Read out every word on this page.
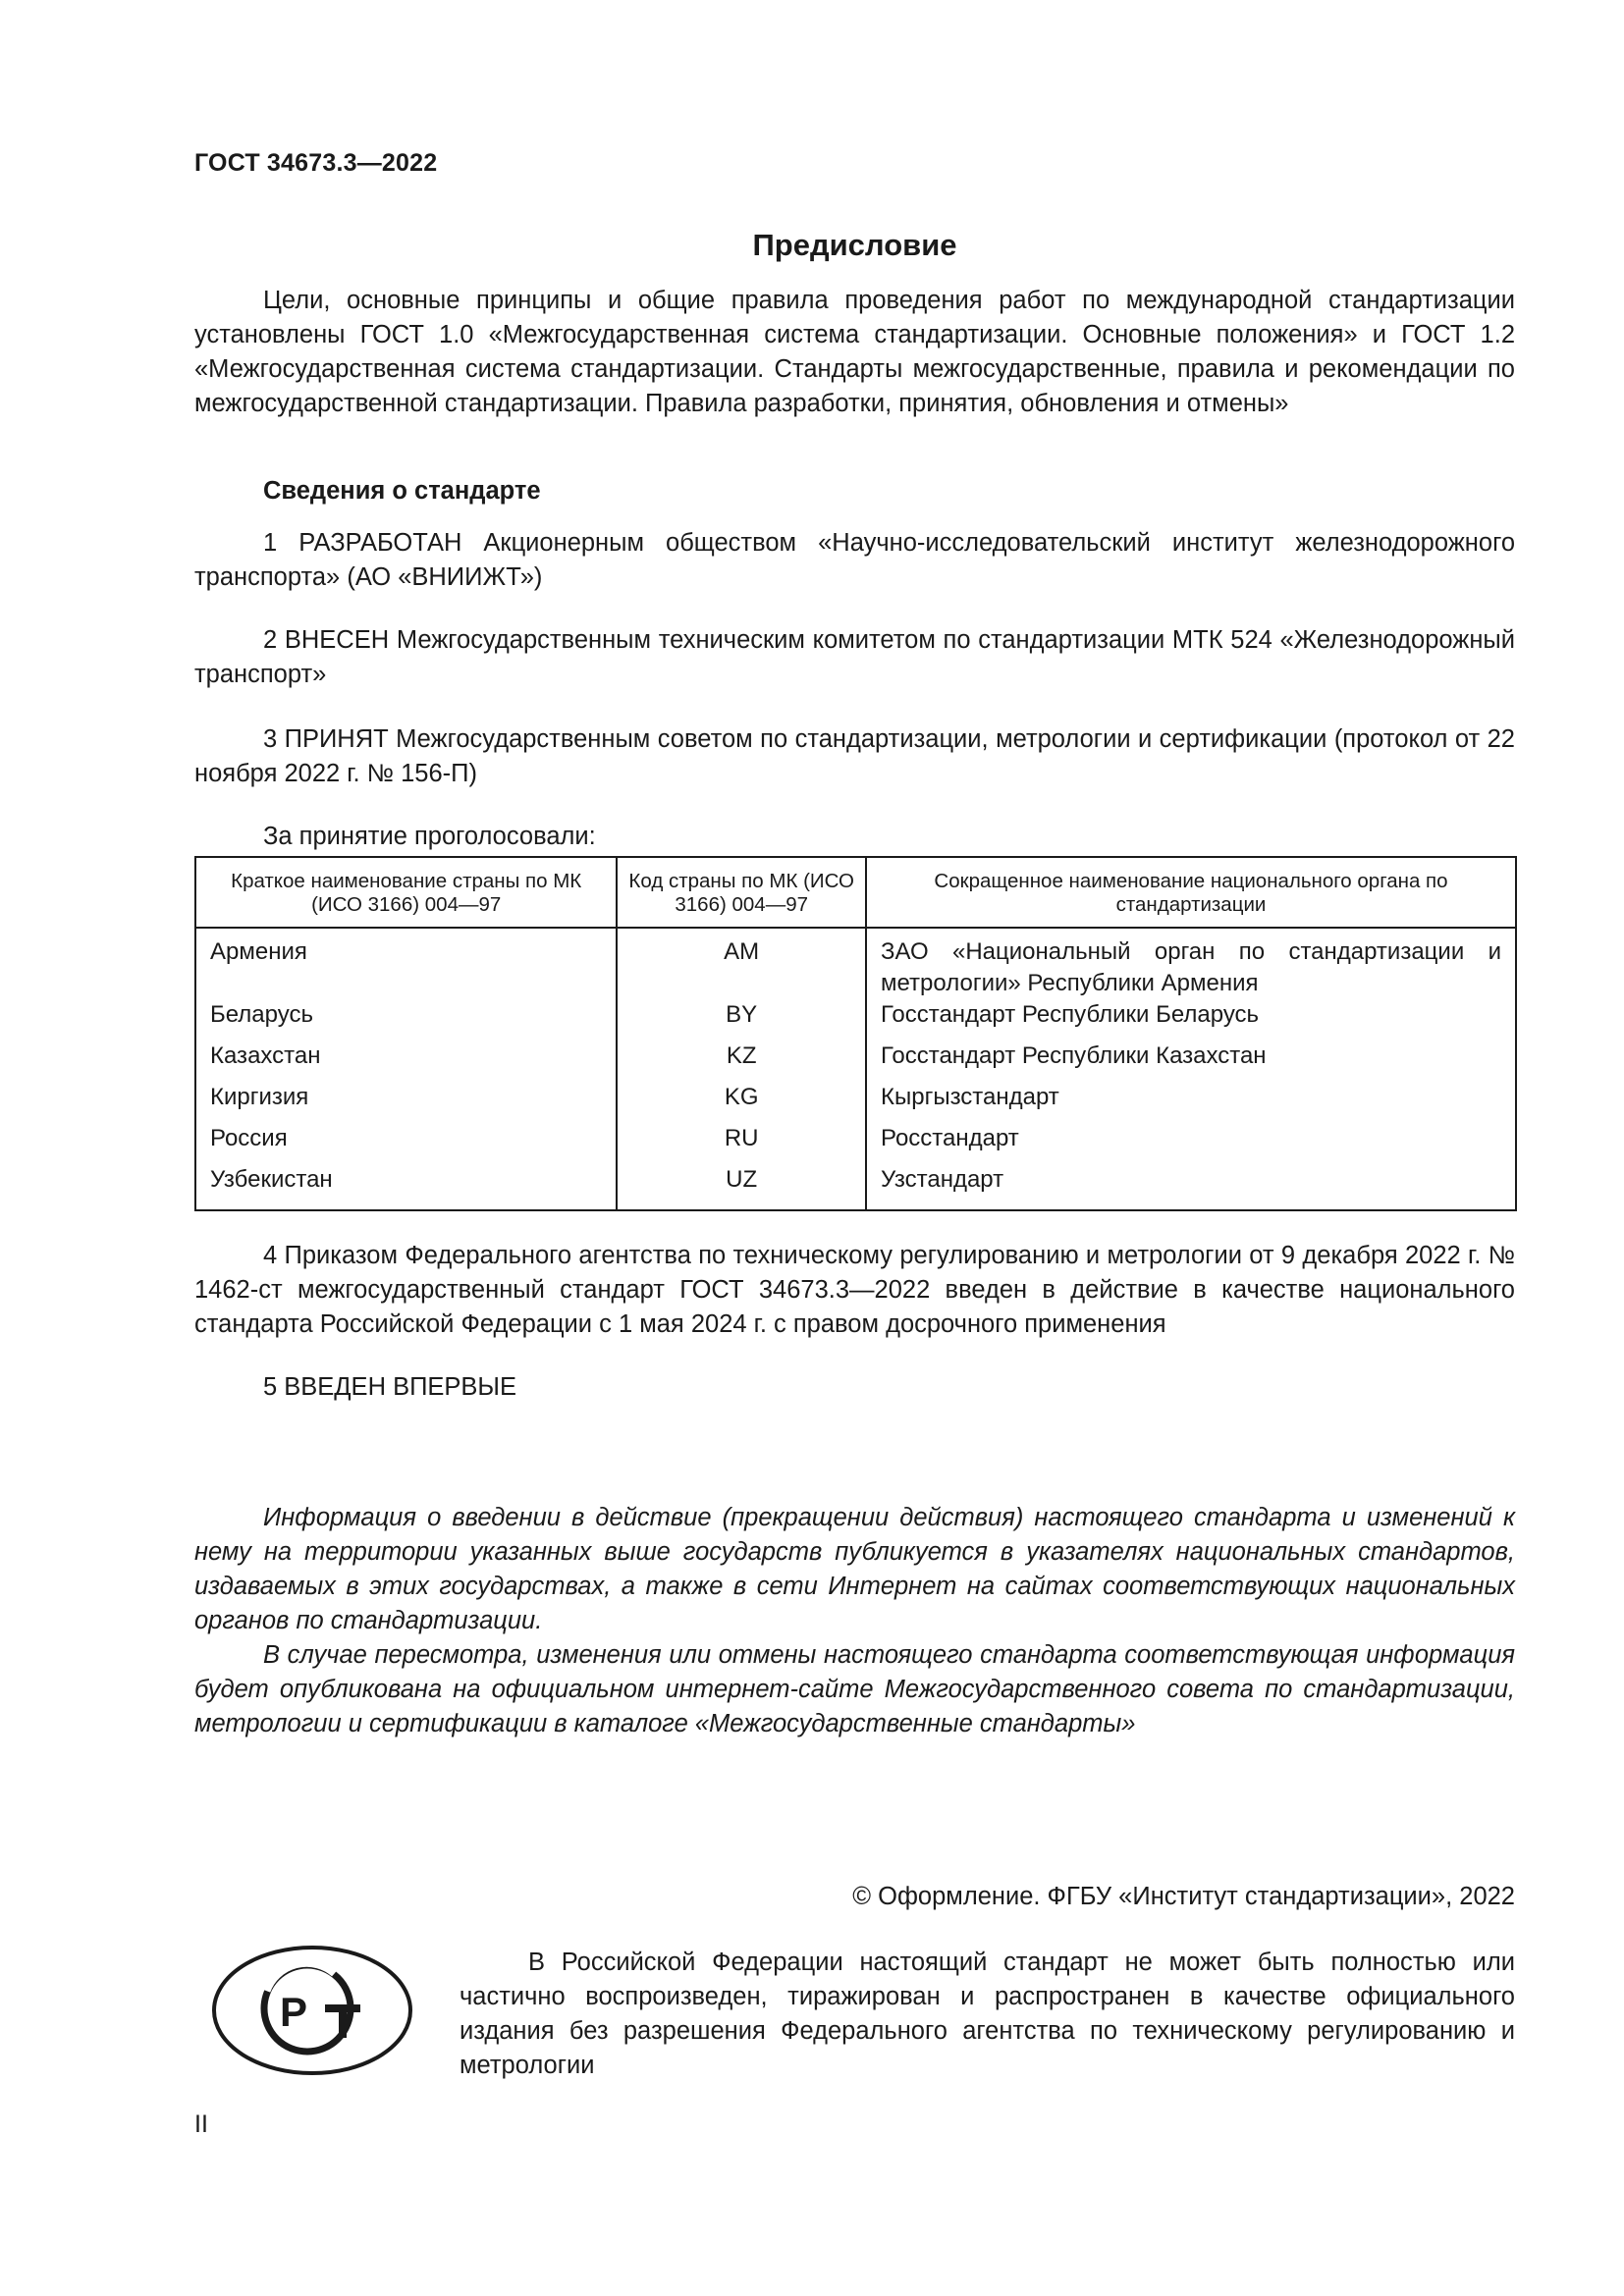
ГОСТ 34673.3—2022
Предисловие

Цели, основные принципы и общие правила проведения работ по международной стандартизации установлены ГОСТ 1.0 «Межгосударственная система стандартизации. Основные положения» и ГОСТ 1.2 «Межгосударственная система стандартизации. Стандарты межгосударственные, правила и рекомендации по межгосударственной стандартизации. Правила разработки, принятия, обновления и отмены»

Сведения о стандарте

1 РАЗРАБОТАН Акционерным обществом «Научно-исследовательский институт железнодорожного транспорта» (АО «ВНИИЖТ»)

2 ВНЕСЕН Межгосударственным техническим комитетом по стандартизации МТК 524 «Железнодорожный транспорт»

3 ПРИНЯТ Межгосударственным советом по стандартизации, метрологии и сертификации (протокол от 22 ноября 2022 г. № 156-П)

За принятие проголосовали:

Краткое наименование страны по МК (ИСО 3166) 004—97	Код страны по МК (ИСО 3166) 004—97	Сокращенное наименование национального органа по стандартизации
Армения	AM	ЗАО «Национальный орган по стандартизации и метрологии» Республики Армения
Беларусь	BY	Госстандарт Республики Беларусь
Казахстан	KZ	Госстандарт Республики Казахстан
Киргизия	KG	Кыргызстандарт
Россия	RU	Росстандарт
Узбекистан	UZ	Узстандарт

4 Приказом Федерального агентства по техническому регулированию и метрологии от 9 декабря 2022 г. № 1462-ст межгосударственный стандарт ГОСТ 34673.3—2022 введен в действие в качестве национального стандарта Российской Федерации с 1 мая 2024 г. с правом досрочного применения

5 ВВЕДЕН ВПЕРВЫЕ

Информация о введении в действие (прекращении действия) настоящего стандарта и изменений к нему на территории указанных выше государств публикуется в указателях национальных стандартов, издаваемых в этих государствах, а также в сети Интернет на сайтах соответствующих национальных органов по стандартизации.

В случае пересмотра, изменения или отмены настоящего стандарта соответствующая информация будет опубликована на официальном интернет-сайте Межгосударственного совета по стандартизации, метрологии и сертификации в каталоге «Межгосударственные стандарты»

© Оформление. ФГБУ «Институт стандартизации», 2022
Р

В Российской Федерации настоящий стандарт не может быть полностью или частично воспроизведен, тиражирован и распространен в качестве официального издания без разрешения Федерального агентства по техническому регулированию и метрологии

II
